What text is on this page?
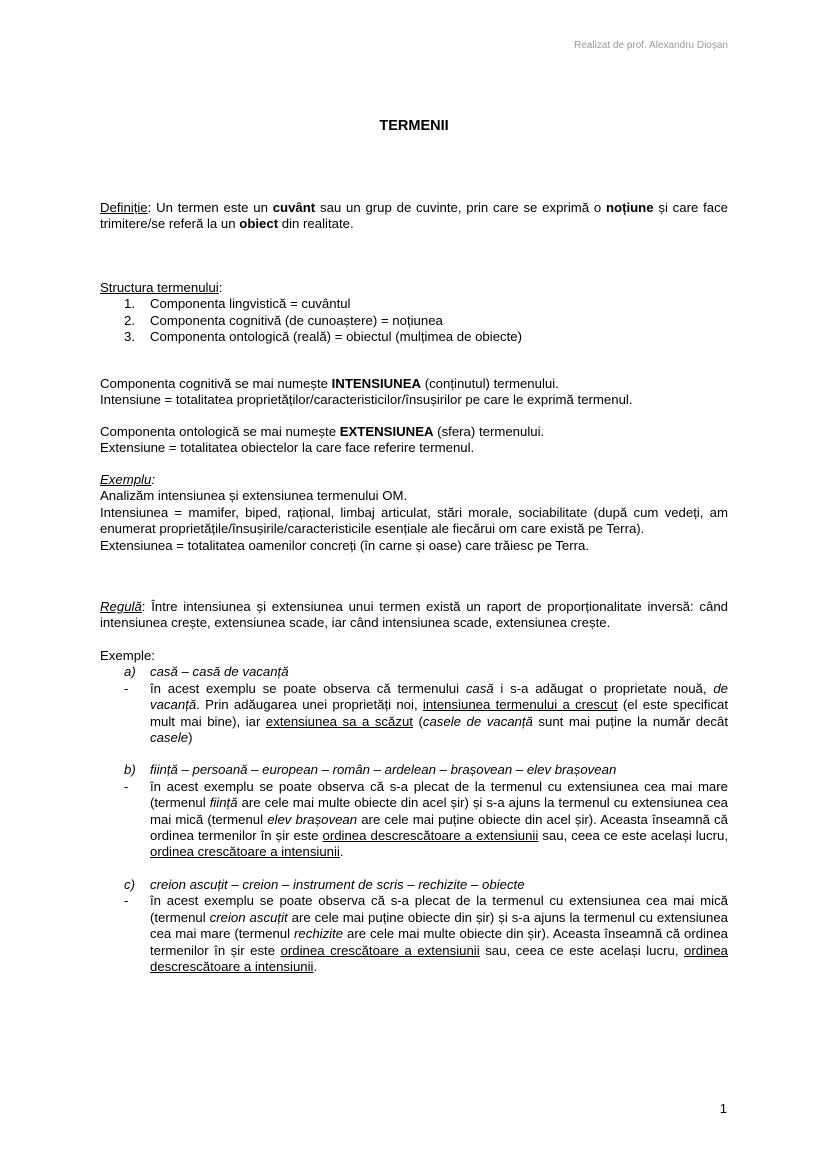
Realizat de prof. Alexandru Dioșan
TERMENII
Definiție: Un termen este un cuvânt sau un grup de cuvinte, prin care se exprimă o noțiune și care face trimitere/se referă la un obiect din realitate.
Structura termenului:
1. Componenta lingvistică = cuvântul
2. Componenta cognitivă (de cunoaștere) = noțiunea
3. Componenta ontologică (reală) = obiectul (mulțimea de obiecte)
Componenta cognitivă se mai numește INTENSIUNEA (conținutul) termenului.
Intensiune = totalitatea proprietăților/caracteristicilor/însușirilor pe care le exprimă termenul.
Componenta ontologică se mai numește EXTENSIUNEA (sfera) termenului.
Extensiune = totalitatea obiectelor la care face referire termenul.
Exemplu:
Analizăm intensiunea și extensiunea termenului OM.
Intensiunea = mamifer, biped, rațional, limbaj articulat, stări morale, sociabilitate (după cum vedeți, am enumerat proprietățile/însușirile/caracteristicile esențiale ale fiecărui om care există pe Terra).
Extensiunea = totalitatea oamenilor concreți (în carne și oase) care trăiesc pe Terra.
Regulă: Între intensiunea și extensiunea unui termen există un raport de proporționalitate inversă: când intensiunea crește, extensiunea scade, iar când intensiunea scade, extensiunea crește.
Exemple:
a) casă – casă de vacanță
- în acest exemplu se poate observa că termenului casă i s-a adăugat o proprietate nouă, de vacanță. Prin adăugarea unei proprietăți noi, intensiunea termenului a crescut (el este specificat mult mai bine), iar extensiunea sa a scăzut (casele de vacanță sunt mai puține la număr decât casele)
b) ființă – persoană – european – român – ardelean – brașovean – elev brașovean
- în acest exemplu se poate observa că s-a plecat de la termenul cu extensiunea cea mai mare (termenul ființă are cele mai multe obiecte din acel șir) și s-a ajuns la termenul cu extensiunea cea mai mică (termenul elev brașovean are cele mai puține obiecte din acel șir). Aceasta înseamnă că ordinea termenilor în șir este ordinea descrescătoare a extensiunii sau, ceea ce este același lucru, ordinea crescătoare a intensiunii.
c) creion ascuțit – creion – instrument de scris – rechizite – obiecte
- în acest exemplu se poate observa că s-a plecat de la termenul cu extensiunea cea mai mică (termenul creion ascuțit are cele mai puține obiecte din șir) și s-a ajuns la termenul cu extensiunea cea mai mare (termenul rechizite are cele mai multe obiecte din șir). Aceasta înseamnă că ordinea termenilor în șir este ordinea crescătoare a extensiunii sau, ceea ce este același lucru, ordinea descrescătoare a intensiunii.
1
